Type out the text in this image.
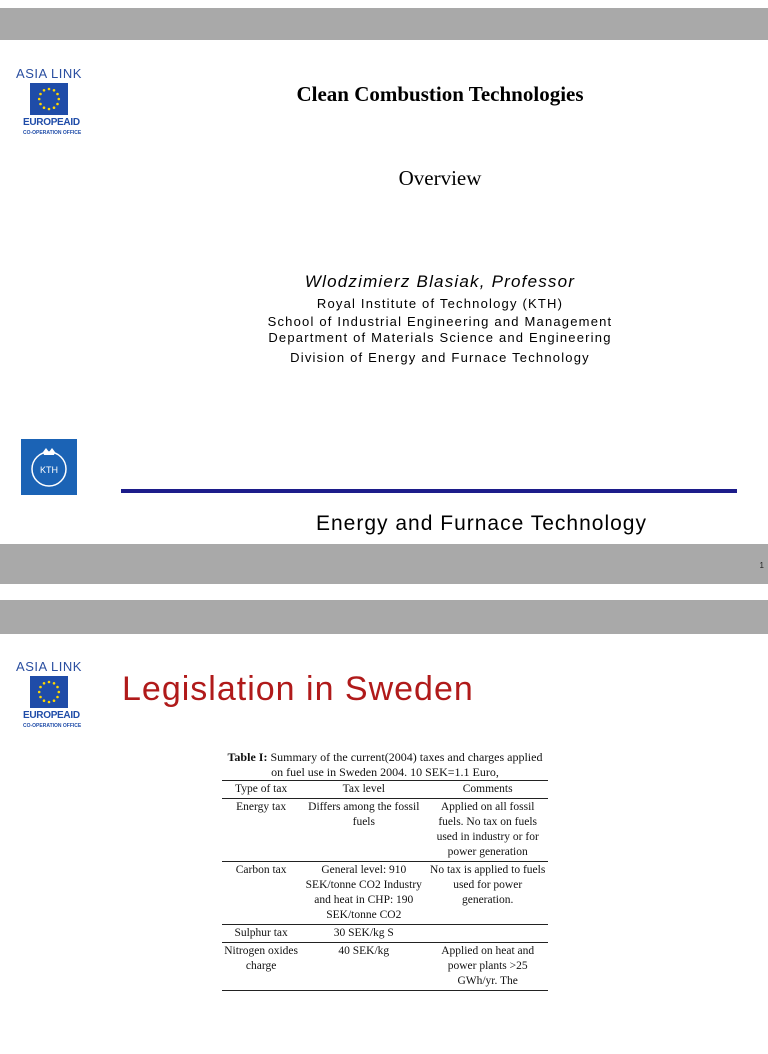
1
ASIA LINK
EUROPEAID
CO-OPERATION OFFICE
Clean Combustion Technologies
Overview
Wlodzimierz Blasiak, Professor
Royal Institute of Technology (KTH)
School of Industrial Engineering and Management
Department of Materials Science and Engineering
Division of Energy and Furnace Technology
KTH
Energy and Furnace Technology
ASIA LINK
EUROPEAID
CO-OPERATION OFFICE
Legislation in Sweden
Table I: Summary of the current(2004) taxes and charges applied on fuel use in Sweden 2004. 10 SEK=1.1 Euro,
Type of tax	Tax level	Comments
Energy tax	Differs among the fossil fuels	Applied on all fossil fuels. No tax on fuels used in industry or for power generation
Carbon tax	General level: 910 SEK/tonne CO2 Industry and heat in CHP: 190 SEK/tonne CO2	No tax is applied to fuels used for power generation.
Sulphur tax	30 SEK/kg S	
Nitrogen oxides charge	40 SEK/kg	Applied on heat and power plants >25 GWh/yr. The
